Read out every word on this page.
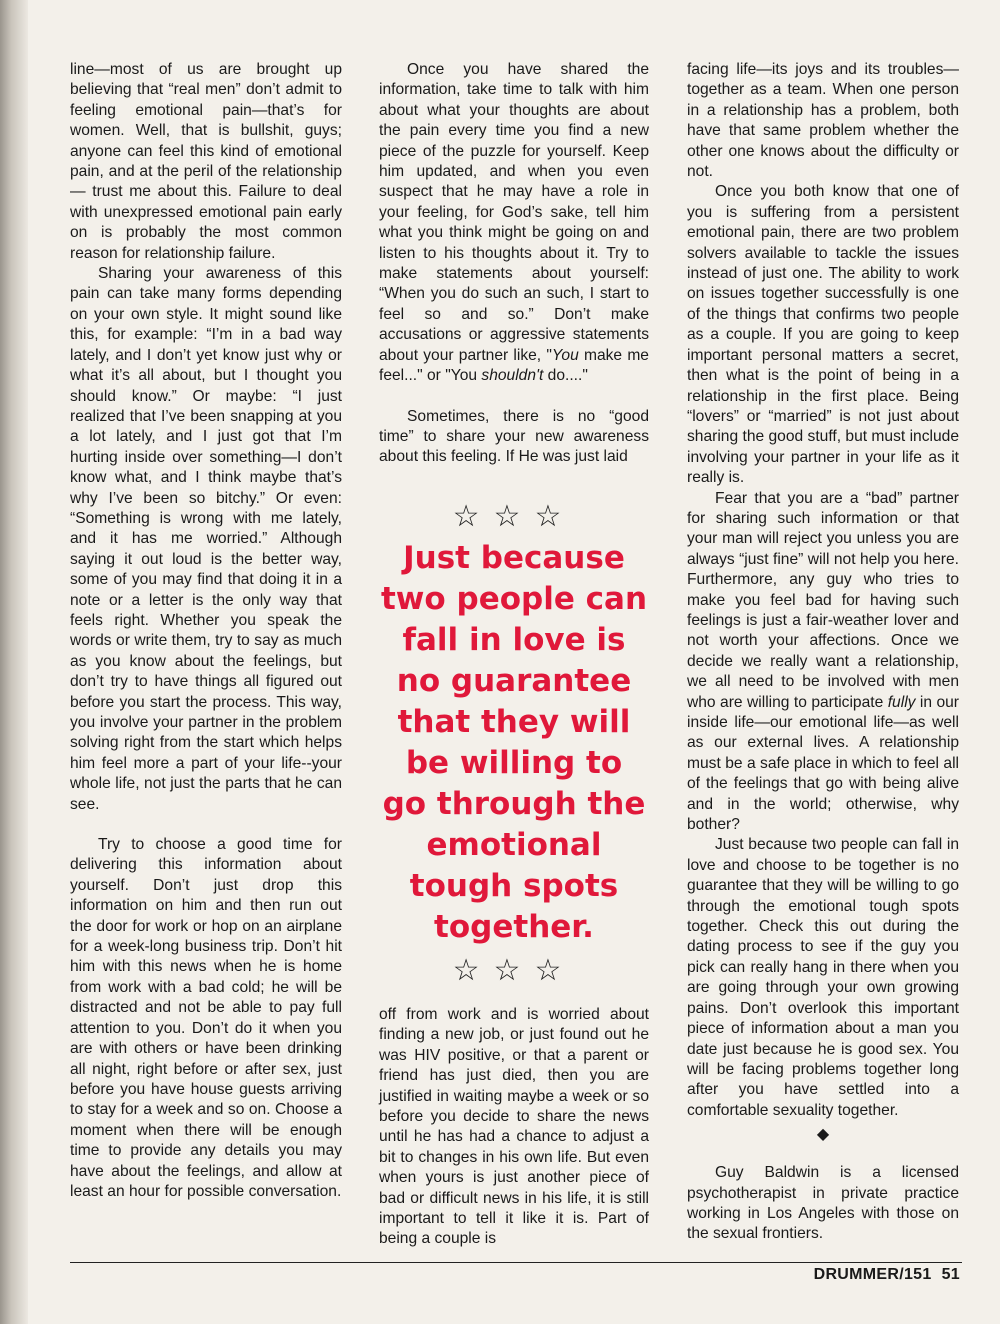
line—most of us are brought up believing that “real men” don’t admit to feeling emotional pain—that’s for women. Well, that is bullshit, guys; anyone can feel this kind of emotional pain, and at the peril of the relationship— trust me about this. Failure to deal with unexpressed emotional pain early on is probably the most common reason for relationship failure.

Sharing your awareness of this pain can take many forms depending on your own style. It might sound like this, for example: “I’m in a bad way lately, and I don’t yet know just why or what it’s all about, but I thought you should know.” Or maybe: “I just realized that I’ve been snapping at you a lot lately, and I just got that I’m hurting inside over something—I don’t know what, and I think maybe that’s why I’ve been so bitchy.” Or even: “Something is wrong with me lately, and it has me worried.” Although saying it out loud is the better way, some of you may find that doing it in a note or a letter is the only way that feels right. Whether you speak the words or write them, try to say as much as you know about the feelings, but don’t try to have things all figured out before you start the process. This way, you involve your partner in the problem solving right from the start which helps him feel more a part of your life--your whole life, not just the parts that he can see.

Try to choose a good time for delivering this information about yourself. Don’t just drop this information on him and then run out the door for work or hop on an airplane for a week-long business trip. Don’t hit him with this news when he is home from work with a bad cold; he will be distracted and not be able to pay full attention to you. Don’t do it when you are with others or have been drinking all night, right before or after sex, just before you have house guests arriving to stay for a week and so on. Choose a moment when there will be enough time to provide any details you may have about the feelings, and allow at least an hour for possible conversation.

Once you have shared the information, take time to talk with him about what your thoughts are about the pain every time you find a new piece of the puzzle for yourself. Keep him updated, and when you even suspect that he may have a role in your feeling, for God’s sake, tell him what you think might be going on and listen to his thoughts about it. Try to make statements about yourself: “When you do such an such, I start to feel so and so.” Don’t make accusations or aggressive statements about your partner like, "You make me feel..." or "You shouldn't do...."

Sometimes, there is no “good time” to share your new awareness about this feeling. If He was just laid

☆☆☆
Just because two people can fall in love is no guarantee that they will be willing to go through the emotional tough spots together.
☆☆☆

off from work and is worried about finding a new job, or just found out he was HIV positive, or that a parent or friend has just died, then you are justified in waiting maybe a week or so before you decide to share the news until he has had a chance to adjust a bit to changes in his own life. But even when yours is just another piece of bad or difficult news in his life, it is still important to tell it like it is. Part of being a couple is

facing life—its joys and its troubles— together as a team. When one person in a relationship has a problem, both have that same problem whether the other one knows about the difficulty or not.

Once you both know that one of you is suffering from a persistent emotional pain, there are two problem solvers available to tackle the issues instead of just one. The ability to work on issues together successfully is one of the things that confirms two people as a couple. If you are going to keep important personal matters a secret, then what is the point of being in a relationship in the first place. Being “lovers” or “married” is not just about sharing the good stuff, but must include involving your partner in your life as it really is.

Fear that you are a “bad” partner for sharing such information or that your man will reject you unless you are always “just fine” will not help you here. Furthermore, any guy who tries to make you feel bad for having such feelings is just a fair-weather lover and not worth your affections. Once we decide we really want a relationship, we all need to be involved with men who are willing to participate fully in our inside life—our emotional life—as well as our external lives. A relationship must be a safe place in which to feel all of the feelings that go with being alive and in the world; otherwise, why bother?

Just because two people can fall in love and choose to be together is no guarantee that they will be willing to go through the emotional tough spots together. Check this out during the dating process to see if the guy you pick can really hang in there when you are going through your own growing pains. Don’t overlook this important piece of information about a man you date just because he is good sex. You will be facing problems together long after you have settled into a comfortable sexuality together.

◆

Guy Baldwin is a licensed psychotherapist in private practice working in Los Angeles with those on the sexual frontiers.

DRUMMER/151 51
